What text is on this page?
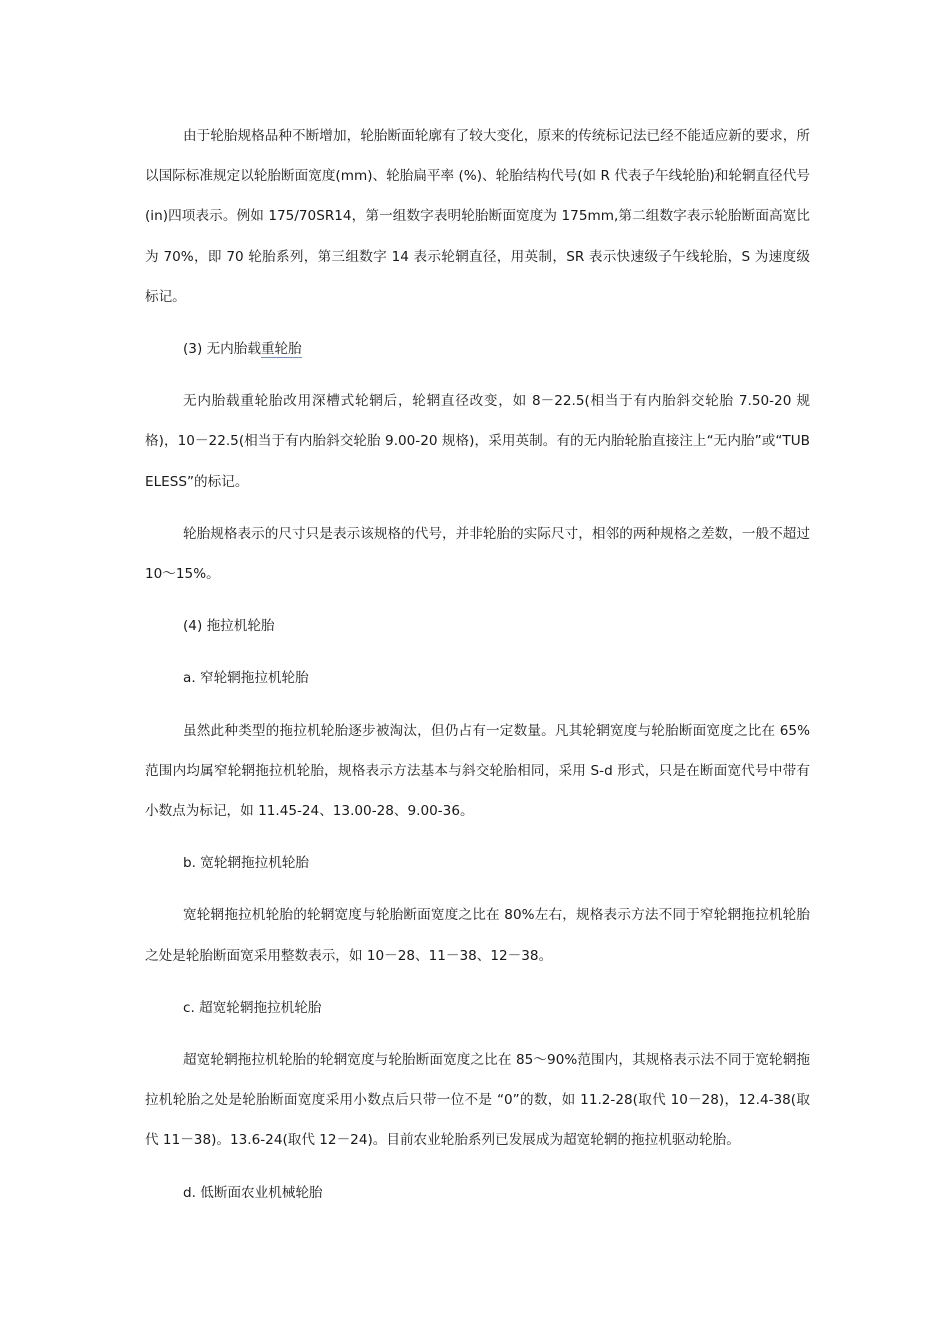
由于轮胎规格品种不断增加，轮胎断面轮廓有了较大变化，原来的传统标记法已经不能适应新的要求，所以国际标准规定以轮胎断面宽度(mm)、轮胎扁平率 (%)、轮胎结构代号(如 R 代表子午线轮胎)和轮辋直径代号(in)四项表示。例如 175/70SR14，第一组数字表明轮胎断面宽度为 175mm,第二组数字表示轮胎断面高宽比为 70%，即 70 轮胎系列，第三组数字 14 表示轮辋直径，用英制，SR 表示快速级子午线轮胎，S 为速度级标记。

(3) 无内胎载重轮胎

无内胎载重轮胎改用深槽式轮辋后，轮辋直径改变，如 8－22.5(相当于有内胎斜交轮胎 7.50-20 规格)，10－22.5(相当于有内胎斜交轮胎 9.00-20 规格)，采用英制。有的无内胎轮胎直接注上“无内胎”或“TUBELESS”的标记。

轮胎规格表示的尺寸只是表示该规格的代号，并非轮胎的实际尺寸，相邻的两种规格之差数，一般不超过 10～15%。

(4) 拖拉机轮胎

a. 窄轮辋拖拉机轮胎

虽然此种类型的拖拉机轮胎逐步被淘汰，但仍占有一定数量。凡其轮辋宽度与轮胎断面宽度之比在 65%范围内均属窄轮辋拖拉机轮胎，规格表示方法基本与斜交轮胎相同，采用 S-d 形式，只是在断面宽代号中带有小数点为标记，如 11.45-24、13.00-28、9.00-36。

b. 宽轮辋拖拉机轮胎

宽轮辋拖拉机轮胎的轮辋宽度与轮胎断面宽度之比在 80%左右，规格表示方法不同于窄轮辋拖拉机轮胎之处是轮胎断面宽采用整数表示，如 10－28、11－38、12－38。

c. 超宽轮辋拖拉机轮胎

超宽轮辋拖拉机轮胎的轮辋宽度与轮胎断面宽度之比在 85～90%范围内，其规格表示法不同于宽轮辋拖拉机轮胎之处是轮胎断面宽度采用小数点后只带一位不是 “0”的数，如 11.2-28(取代 10－28)，12.4-38(取代 11－38)。13.6-24(取代 12－24)。目前农业轮胎系列已发展成为超宽轮辋的拖拉机驱动轮胎。

d. 低断面农业机械轮胎
